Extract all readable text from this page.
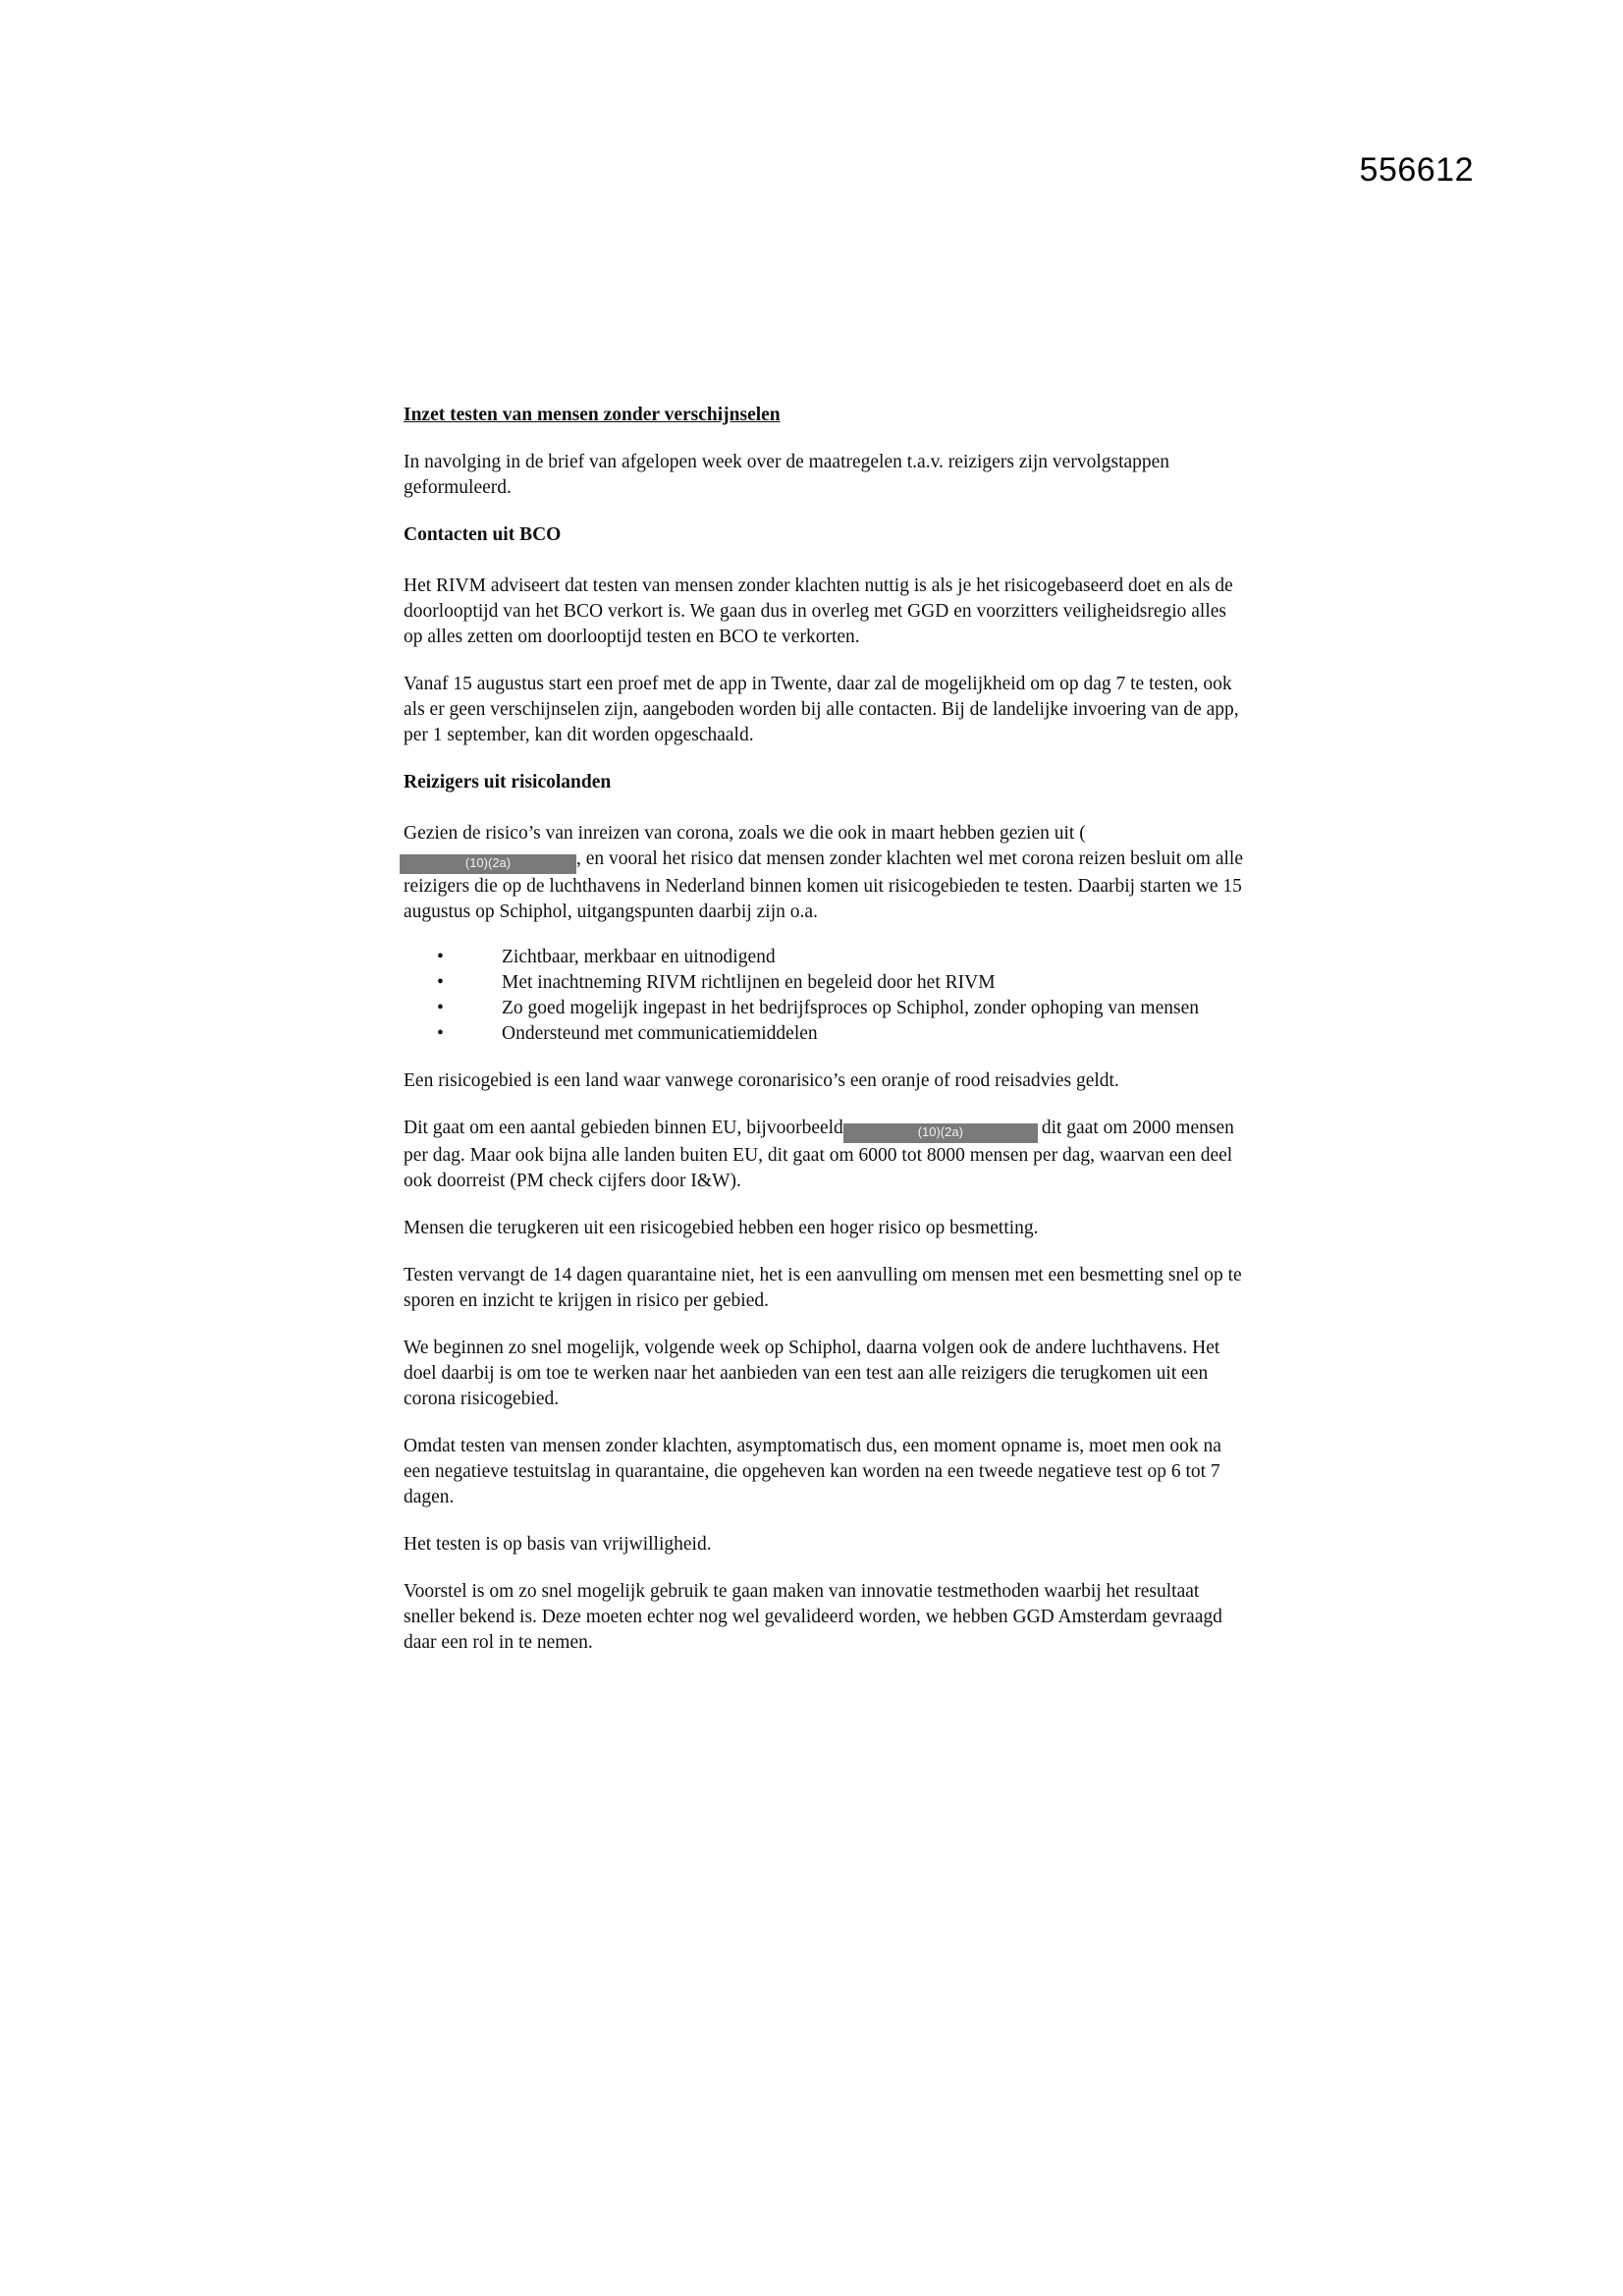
556612

Inzet testen van mensen zonder verschijnselen

In navolging in de brief van afgelopen week over de maatregelen t.a.v. reizigers zijn vervolgstappen geformuleerd.

Contacten uit BCO

Het RIVM adviseert dat testen van mensen zonder klachten nuttig is als je het risicogebaseerd doet en als de doorlooptijd van het BCO verkort is. We gaan dus in overleg met GGD en voorzitters veiligheidsregio alles op alles zetten om doorlooptijd testen en BCO te verkorten.

Vanaf 15 augustus start een proef met de app in Twente, daar zal de mogelijkheid om op dag 7 te testen, ook als er geen verschijnselen zijn, aangeboden worden bij alle contacten. Bij de landelijke invoering van de app, per 1 september, kan dit worden opgeschaald.

Reizigers uit risicolanden

Gezien de risico’s van inreizen van corona, zoals we die ook in maart hebben gezien uit ((10)(2a)	, en vooral het risico dat mensen zonder klachten wel met corona reizen besluit om alle reizigers die op de luchthavens in Nederland binnen komen uit risicogebieden te testen. Daarbij starten we 15 augustus op Schiphol, uitgangspunten daarbij zijn o.a.

•	Zichtbaar, merkbaar en uitnodigend
•	Met inachtneming RIVM richtlijnen en begeleid door het RIVM
•	Zo goed mogelijk ingepast in het bedrijfsproces op Schiphol, zonder ophoping van mensen
•	Ondersteund met communicatiemiddelen

Een risicogebied is een land waar vanwege coronarisico’s een oranje of rood reisadvies geldt.

Dit gaat om een aantal gebieden binnen EU, bijvoorbeeld	(10)(2a)	dit gaat om 2000 mensen per dag. Maar ook bijna alle landen buiten EU, dit gaat om 6000 tot 8000 mensen per dag, waarvan een deel ook doorreist (PM check cijfers door I&W).

Mensen die terugkeren uit een risicogebied hebben een hoger risico op besmetting.

Testen vervangt de 14 dagen quarantaine niet, het is een aanvulling om mensen met een besmetting snel op te sporen en inzicht te krijgen in risico per gebied.

We beginnen zo snel mogelijk, volgende week op Schiphol, daarna volgen ook de andere luchthavens. Het doel daarbij is om toe te werken naar het aanbieden van een test aan alle reizigers die terugkomen uit een corona risicogebied.

Omdat testen van mensen zonder klachten, asymptomatisch dus, een moment opname is, moet men ook na een negatieve testuitslag in quarantaine, die opgeheven kan worden na een tweede negatieve test op 6 tot 7 dagen.

Het testen is op basis van vrijwilligheid.

Voorstel is om zo snel mogelijk gebruik te gaan maken van innovatie testmethoden waarbij het resultaat sneller bekend is. Deze moeten echter nog wel gevalideerd worden, we hebben GGD Amsterdam gevraagd daar een rol in te nemen.
